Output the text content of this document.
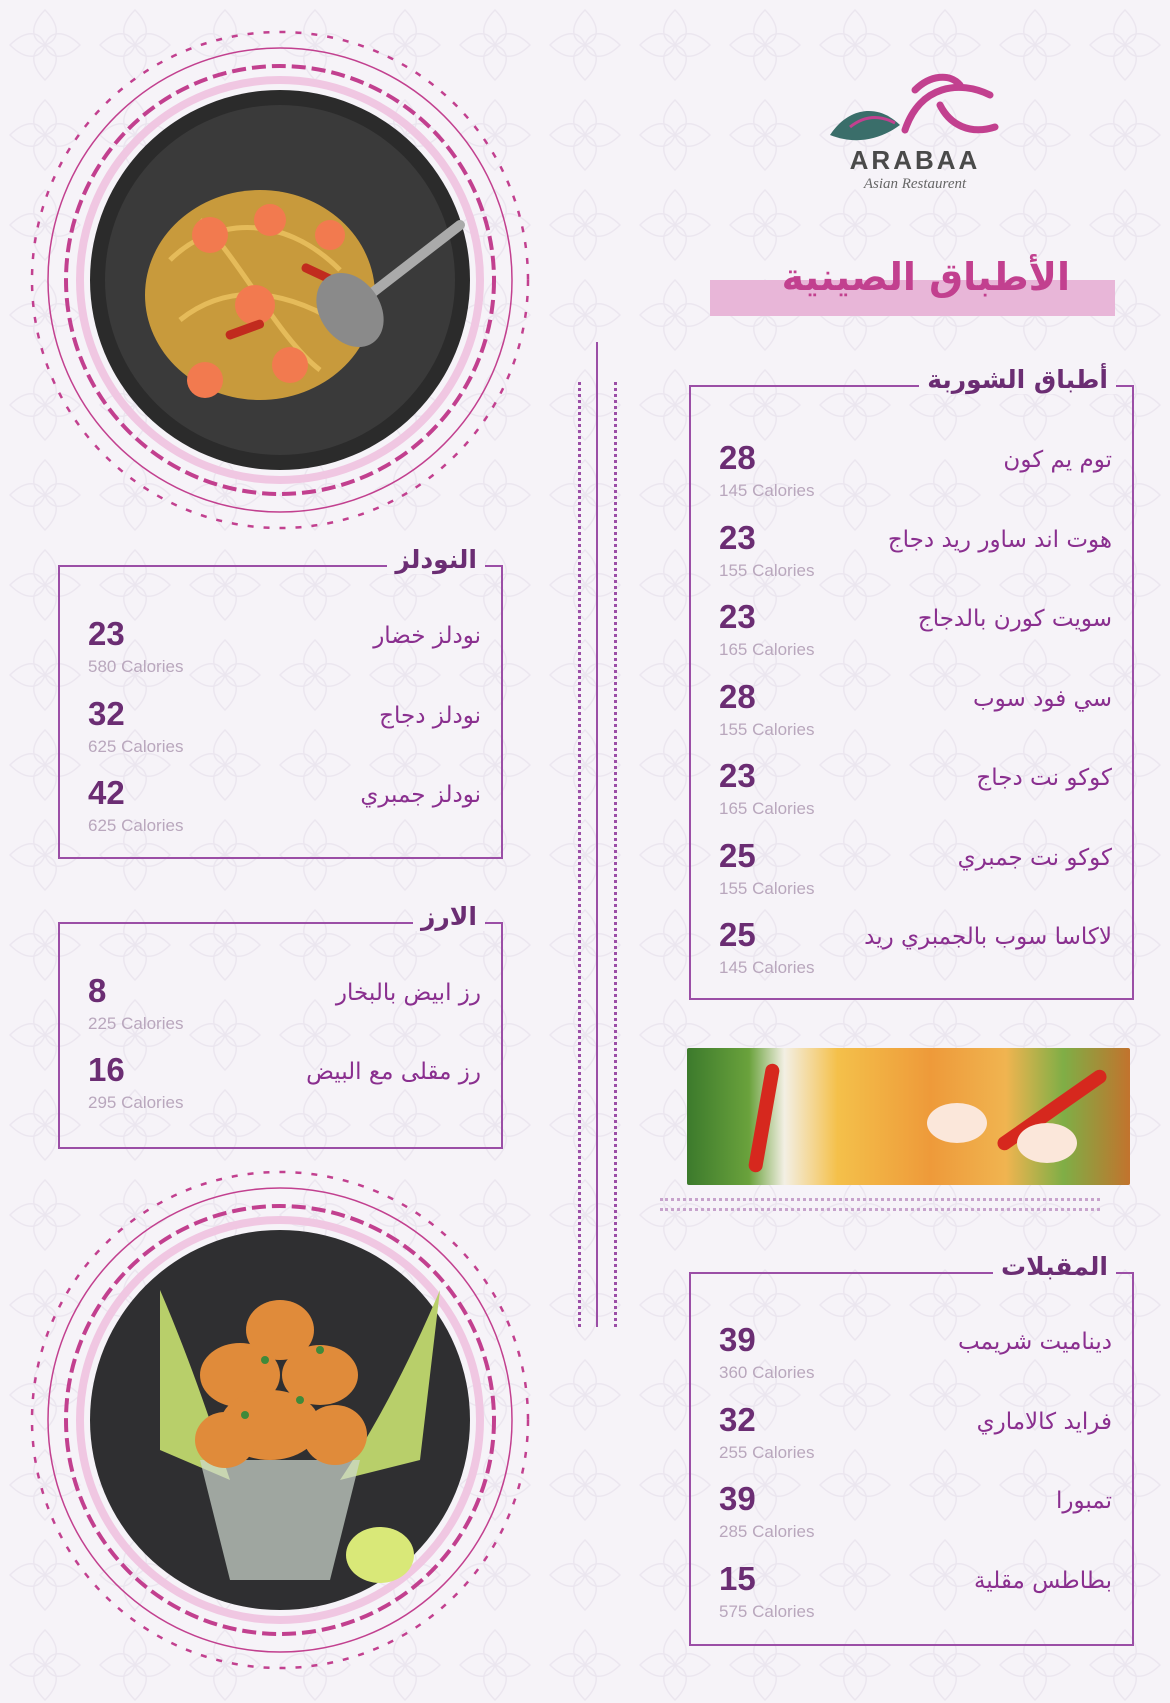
ARABAA
Asian Restaurent
الأطباق الصينية
أطباق الشوربة
توم يم كون
28
145 Calories
هوت اند ساور ريد دجاج
23
155 Calories
سويت كورن بالدجاج
23
165 Calories
سي فود سوب
28
155 Calories
كوكو نت دجاج
23
165 Calories
كوكو نت جمبري
25
155 Calories
لاكاسا سوب بالجمبري ريد
25
145 Calories
المقبلات
ديناميت شريمب
39
360 Calories
فرايد كالاماري
32
255 Calories
تمبورا
39
285 Calories
بطاطس مقلية
15
575 Calories
النودلز
نودلز خضار
23
580 Calories
نودلز دجاج
32
625 Calories
نودلز جمبري
42
625 Calories
الارز
رز ابيض بالبخار
8
225 Calories
رز مقلى مع البيض
16
295 Calories
